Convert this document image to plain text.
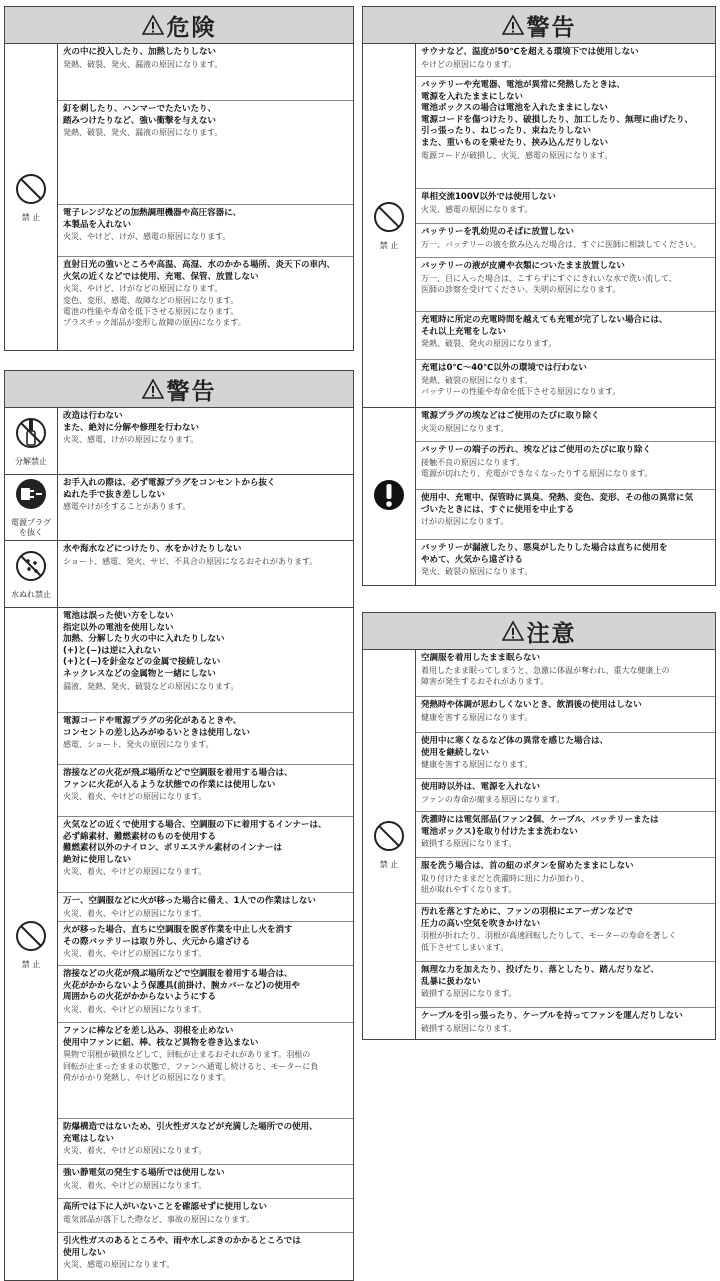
危険
禁 止
火の中に投入したり、加熱したりしない
発熱、破裂、発火、漏液の原因になります。
釘を刺したり、ハンマーでたたいたり、
踏みつけたりなど、強い衝撃を与えない
発熱、破裂、発火、漏液の原因になります。
電子レンジなどの加熱調理機器や高圧容器に、
本製品を入れない
火災、やけど、けが、感電の原因になります。
直射日光の強いところや高温、高湿、水のかかる場所、炎天下の車内、
火気の近くなどでは使用、充電、保管、放置しない
火災、やけど、けがなどの原因になります。
変色、変形、感電、故障などの原因になります。
電池の性能や寿命を低下させる原因になります。
プラスチック部品が変形し故障の原因になります。
警告
分解禁止
改造は行わない
また、絶対に分解や修理を行わない
火災、感電、けがの原因になります。
電源プラグ
を抜く
お手入れの際は、必ず電源プラグをコンセントから抜く
ぬれた手で抜き差ししない
感電やけがをすることがあります。
水ぬれ禁止
水や海水などにつけたり、水をかけたりしない
ショート、感電、発火、サビ、不具合の原因になるおそれがあります。
禁 止
電池は誤った使い方をしない
指定以外の電池を使用しない
加熱、分解したり火の中に入れたりしない
(+)と(−)は逆に入れない
(+)と(−)を針金などの金属で接続しない
ネックレスなどの金属物と一緒にしない
漏液、発熱、発火、破裂などの原因になります。
電源コードや電源プラグの劣化があるときや、
コンセントの差し込みがゆるいときは使用しない
感電、ショート、発火の原因になります。
溶接などの火花が飛ぶ場所などで空調服を着用する場合は、
ファンに火花が入るような状態での作業には使用しない
火災、着火、やけどの原因になります。
火気などの近くで使用する場合、空調服の下に着用するインナーは、
必ず綿素材、難燃素材のものを使用する
難燃素材以外のナイロン、ポリエステル素材のインナーは
絶対に使用しない
火災、着火、やけどの原因になります。
万一、空調服などに火が移った場合に備え、1人での作業はしない
火災、着火、やけどの原因になります。
火が移った場合、直ちに空調服を脱ぎ作業を中止し火を消す
その際バッテリーは取り外し、火元から遠ざける
火災、着火、やけどの原因になります。
溶接などの火花が飛ぶ場所などで空調服を着用する場合は、
火花がかからないよう保護具(前掛け、腕カバーなど)の使用や
周囲からの火花がかからないようにする
火災、着火、やけどの原因になります。
ファンに棒などを差し込み、羽根を止めない
使用中ファンに紐、棒、枝など異物を巻き込まない
異物で羽根が破損などして、回転が止まるおそれがあります。羽根の
回転が止まったままの状態で、ファンへ通電し続けると、モーターに負
荷がかかり発熱し、やけどの原因になります。
防爆構造ではないため、引火性ガスなどが充満した場所での使用、
充電はしない
火災、着火、やけどの原因になります。
強い静電気の発生する場所では使用しない
火災、着火、やけどの原因になります。
高所では下に人がいないことを確認せずに使用しない
電気部品が落下した際など、事故の原因になります。
引火性ガスのあるところや、雨や水しぶきのかかるところでは
使用しない
火災、感電の原因になります。
警告
禁 止
サウナなど、温度が50℃を超える環境下では使用しない
やけどの原因になります。
バッテリーや充電器、電池が異常に発熱したときは、
電源を入れたままにしない
電池ボックスの場合は電池を入れたままにしない
電源コードを傷つけたり、破損したり、加工したり、無理に曲げたり、
引っ張ったり、ねじったり、束ねたりしない
また、重いものを乗せたり、挟み込んだりしない
電源コードが破損し、火災、感電の原因になります。
単相交流100V以外では使用しない
火災、感電の原因になります。
バッテリーを乳幼児のそばに放置しない
万一、バッテリーの液を飲み込んだ場合は、すぐに医師に相談してください。
バッテリーの液が皮膚や衣類についたまま放置しない
万一、目に入った場合は、こすらずにすぐにきれいな水で洗い流して、
医師の診察を受けてください。失明の原因になります。
充電時に所定の充電時間を越えても充電が完了しない場合には、
それ以上充電をしない
発熱、破裂、発火の原因になります。
充電は0℃〜40℃以外の環境では行わない
発熱、破裂の原因になります。
バッテリーの性能や寿命を低下させる原因になります。
電源プラグの埃などはご使用のたびに取り除く
火災の原因になります。
バッテリーの端子の汚れ、埃などはご使用のたびに取り除く
接触不良の原因になります。
電源が切れたり、充電ができなくなったりする原因になります。
使用中、充電中、保管時に異臭、発熱、変色、変形、その他の異常に気
づいたときには、すぐに使用を中止する
けがの原因になります。
バッテリーが漏液したり、悪臭がしたりした場合は直ちに使用を
やめて、火気から遠ざける
発火、破裂の原因になります。
注意
禁 止
空調服を着用したまま眠らない
着用したまま眠ってしまうと、急激に体温が奪われ、重大な健康上の
障害が発生するおそれがあります。
発熱時や体調が思わしくないとき、飲酒後の使用はしない
健康を害する原因になります。
使用中に寒くなるなど体の異常を感じた場合は、
使用を継続しない
健康を害する原因になります。
使用時以外は、電源を入れない
ファンの寿命が縮まる原因になります。
洗濯時には電気部品(ファン2個、ケーブル、バッテリーまたは
電池ボックス)を取り付けたまま洗わない
破損する原因になります。
服を洗う場合は、首の紐のボタンを留めたままにしない
取り付けたままだと洗濯時に紐に力が加わり、
紐が取れやすくなります。
汚れを落とすために、ファンの羽根にエアーガンなどで
圧力の高い空気を吹きかけない
羽根が折れたり、羽根が高速回転したりして、モーターの寿命を著しく
低下させてしまいます。
無理な力を加えたり、投げたり、落としたり、踏んだりなど、
乱暴に扱わない
破損する原因になります。
ケーブルを引っ張ったり、ケーブルを持ってファンを運んだりしない
破損する原因になります。
